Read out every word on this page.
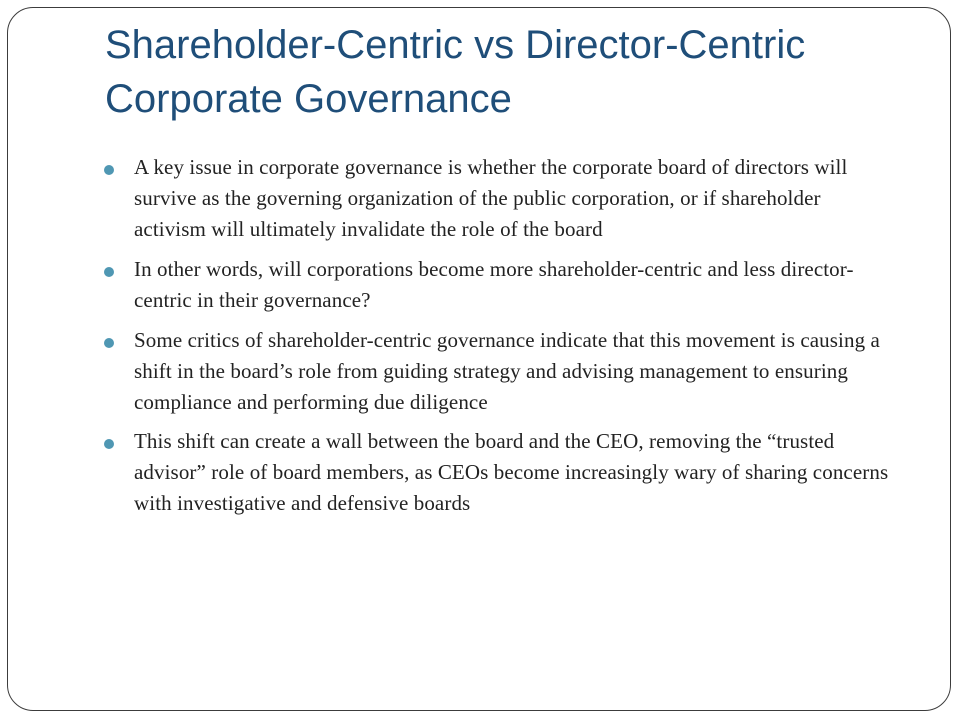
Shareholder-Centric vs Director-Centric Corporate Governance
A key issue in corporate governance is whether the corporate board of directors will survive as the governing organization of the public corporation, or if shareholder activism will ultimately invalidate the role of the board
In other words, will corporations become more shareholder-centric and less director-centric in their governance?
Some critics of shareholder-centric governance indicate that this movement is causing a shift in the board’s role from guiding strategy and advising management to ensuring compliance and performing due diligence
This shift can create a wall between the board and the CEO, removing the “trusted advisor” role of board members, as CEOs become increasingly wary of sharing concerns with investigative and defensive boards
